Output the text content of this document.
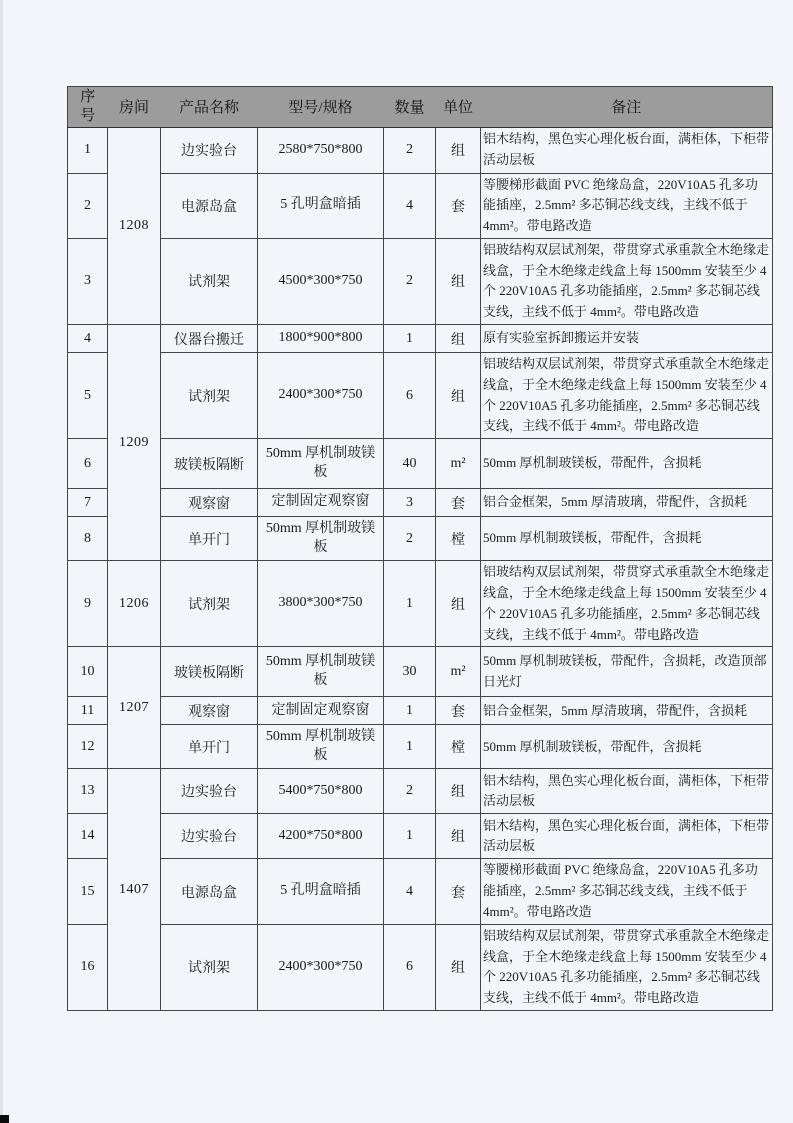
序号	房间	产品名称	型号/规格	数量	单位	备注
1	1208	边实验台	2580*750*800	2	组	铝木结构，黑色实心理化板台面，满柜体，下柜带活动层板
2		电源岛盒	5 孔明盒暗插	4	套	等腰梯形截面 PVC 绝缘岛盒，220V10A5 孔多功能插座，2.5mm² 多芯铜芯线支线，主线不低于 4mm²。带电路改造
3		试剂架	4500*300*750	2	组	铝玻结构双层试剂架，带贯穿式承重款全木绝缘走线盒，于全木绝缘走线盒上每 1500mm 安装至少 4 个 220V10A5 孔多功能插座，2.5mm² 多芯铜芯线支线，主线不低于 4mm²。带电路改造
4	1209	仪器台搬迁	1800*900*800	1	组	原有实验室拆卸搬运并安装
5		试剂架	2400*300*750	6	组	铝玻结构双层试剂架，带贯穿式承重款全木绝缘走线盒，于全木绝缘走线盒上每 1500mm 安装至少 4 个 220V10A5 孔多功能插座，2.5mm² 多芯铜芯线支线，主线不低于 4mm²。带电路改造
6		玻镁板隔断	50mm 厚机制玻镁板	40	m²	50mm 厚机制玻镁板，带配件，含损耗
7		观察窗	定制固定观察窗	3	套	铝合金框架，5mm 厚清玻璃，带配件，含损耗
8		单开门	50mm 厚机制玻镁板	2	樘	50mm 厚机制玻镁板，带配件，含损耗
9	1206	试剂架	3800*300*750	1	组	铝玻结构双层试剂架，带贯穿式承重款全木绝缘走线盒，于全木绝缘走线盒上每 1500mm 安装至少 4 个 220V10A5 孔多功能插座，2.5mm² 多芯铜芯线支线，主线不低于 4mm²。带电路改造
10	1207	玻镁板隔断	50mm 厚机制玻镁板	30	m²	50mm 厚机制玻镁板，带配件，含损耗，改造顶部日光灯
11		观察窗	定制固定观察窗	1	套	铝合金框架，5mm 厚清玻璃，带配件，含损耗
12		单开门	50mm 厚机制玻镁板	1	樘	50mm 厚机制玻镁板，带配件，含损耗
13	1407	边实验台	5400*750*800	2	组	铝木结构，黑色实心理化板台面，满柜体，下柜带活动层板
14		边实验台	4200*750*800	1	组	铝木结构，黑色实心理化板台面，满柜体，下柜带活动层板
15		电源岛盒	5 孔明盒暗插	4	套	等腰梯形截面 PVC 绝缘岛盒，220V10A5 孔多功能插座，2.5mm² 多芯铜芯线支线，主线不低于 4mm²。带电路改造
16		试剂架	2400*300*750	6	组	铝玻结构双层试剂架，带贯穿式承重款全木绝缘走线盒，于全木绝缘走线盒上每 1500mm 安装至少 4 个 220V10A5 孔多功能插座，2.5mm² 多芯铜芯线支线，主线不低于 4mm²。带电路改造
